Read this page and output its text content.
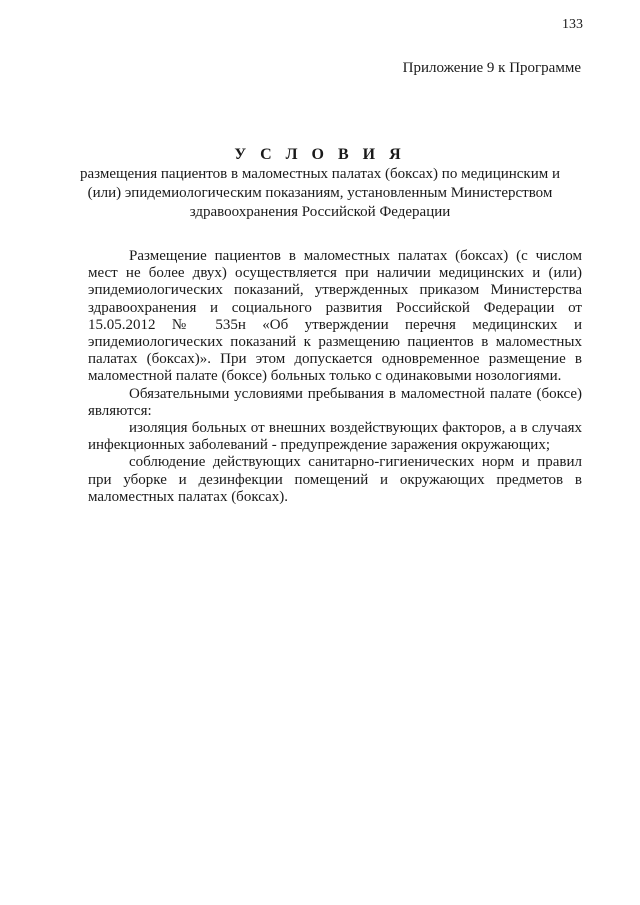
133
Приложение 9 к Программе
У С Л О В И Я
размещения пациентов в маломестных палатах (боксах) по медицинским и
(или) эпидемиологическим показаниям, установленным Министерством
здравоохранения Российской Федерации

Размещение пациентов в маломестных палатах (боксах) (с числом мест не более двух) осуществляется при наличии медицинских и (или) эпидемиологических показаний, утвержденных приказом Министерства здравоохранения и социального развития Российской Федерации от 15.05.2012 № 535н «Об утверждении перечня медицинских и эпидемиологических показаний к размещению пациентов в маломестных палатах (боксах)». При этом допускается одновременное размещение в маломестной палате (боксе) больных только с одинаковыми нозологиями.

Обязательными условиями пребывания в маломестной палате (боксе) являются:

изоляция больных от внешних воздействующих факторов, а в случаях инфекционных заболеваний - предупреждение заражения окружающих;

соблюдение действующих санитарно-гигиенических норм и правил при уборке и дезинфекции помещений и окружающих предметов в маломестных палатах (боксах).
